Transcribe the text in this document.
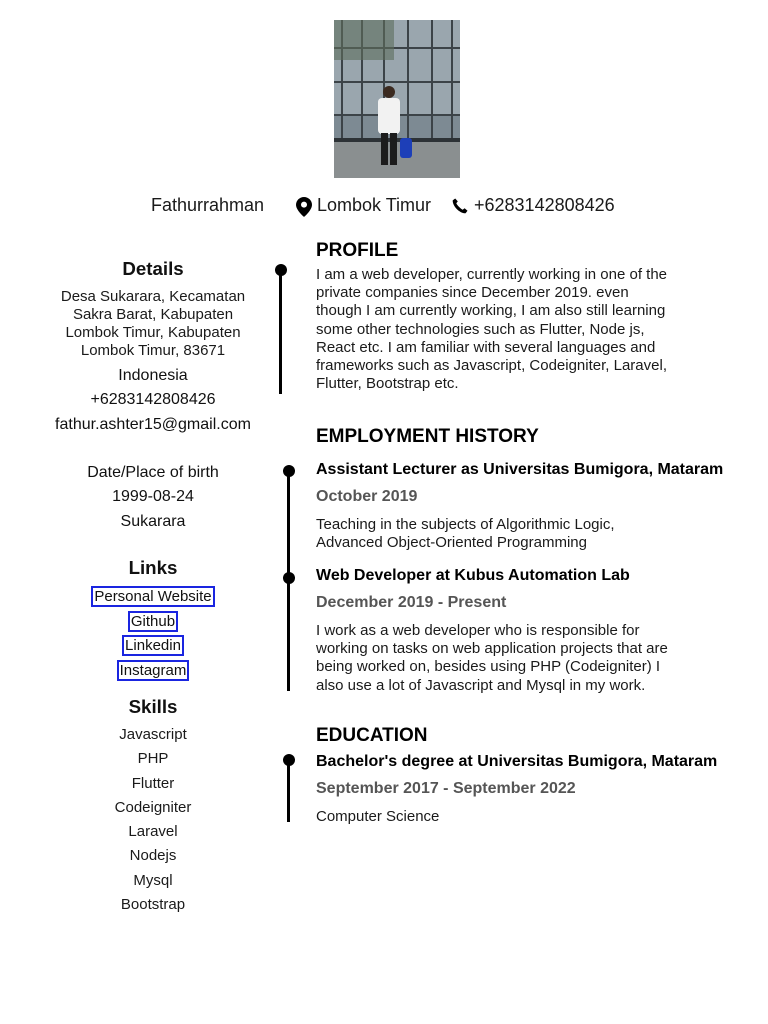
Fathurrahman	Lombok Timur +6283142808426
Details
Desa Sukarara, Kecamatan
Sakra Barat, Kabupaten
Lombok Timur, Kabupaten
Lombok Timur, 83671
Indonesia
+6283142808426
fathur.ashter15@gmail.com
Date/Place of birth
1999-08-24
Sukarara
Links
Personal Website
Github
Linkedin
Instagram
Skills
Javascript
PHP
Flutter
Codeigniter
Laravel
Nodejs
Mysql
Bootstrap
PROFILE
I am a web developer, currently working in one of the
private companies since December 2019. even
though I am currently working, I am also still learning
some other technologies such as Flutter, Node js,
React etc. I am familiar with several languages and
frameworks such as Javascript, Codeigniter, Laravel,
Flutter, Bootstrap etc.
EMPLOYMENT HISTORY
Assistant Lecturer as Universitas Bumigora, Mataram
October 2019
Teaching in the subjects of Algorithmic Logic,
Advanced Object-Oriented Programming
Web Developer at Kubus Automation Lab
December 2019 - Present
I work as a web developer who is responsible for
working on tasks on web application projects that are
being worked on, besides using PHP (Codeigniter) I
also use a lot of Javascript and Mysql in my work.
EDUCATION
Bachelor's degree at Universitas Bumigora, Mataram
September 2017 - September 2022
Computer Science
